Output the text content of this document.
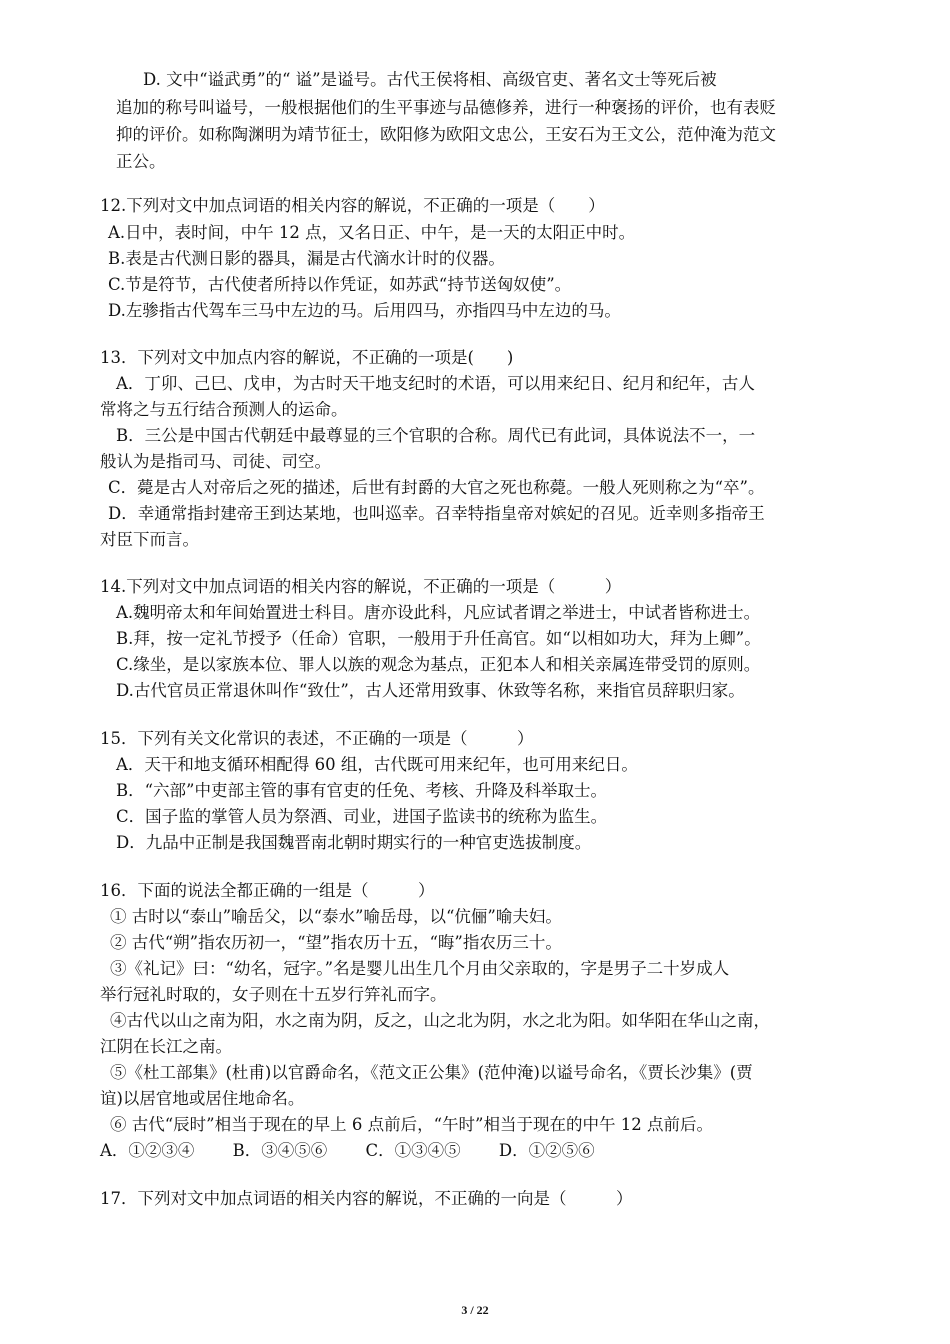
D. 文中“谥武勇”的“ 谥”是谥号。古代王侯将相、高级官吏、著名文士等死后被
追加的称号叫谥号，一般根据他们的生平事迹与品德修养，进行一种褒扬的评价，也有表贬
抑的评价。如称陶渊明为靖节征士，欧阳修为欧阳文忠公，王安石为王文公，范仲淹为范文
正公。
12.下列对文中加点词语的相关内容的解说，不正确的一项是（　　）
A.日中，表时间，中午 12 点，又名日正、中午，是一天的太阳正中时。
B.表是古代测日影的器具，漏是古代滴水计时的仪器。
C.节是符节，古代使者所持以作凭证，如苏武“持节送匈奴使”。
D.左骖指古代驾车三马中左边的马。后用四马，亦指四马中左边的马。
13．下列对文中加点内容的解说，不正确的一项是(　　)
A．丁卯、己巳、戊申，为古时天干地支纪时的术语，可以用来纪日、纪月和纪年，古人
常将之与五行结合预测人的运命。
B．三公是中国古代朝廷中最尊显的三个官职的合称。周代已有此词，具体说法不一，一
般认为是指司马、司徒、司空。
C．薨是古人对帝后之死的描述，后世有封爵的大官之死也称薨。一般人死则称之为“卒”。
D．幸通常指封建帝王到达某地，也叫巡幸。召幸特指皇帝对嫔妃的召见。近幸则多指帝王
对臣下而言。
14.下列对文中加点词语的相关内容的解说，不正确的一项是（　　　）
A.魏明帝太和年间始置进士科目。唐亦设此科，凡应试者谓之举进士，中试者皆称进士。
B.拜，按一定礼节授予（任命）官职，一般用于升任高官。如“以相如功大，拜为上卿”。
C.缘坐，是以家族本位、罪人以族的观念为基点，正犯本人和相关亲属连带受罚的原则。
D.古代官员正常退休叫作“致仕”，古人还常用致事、休致等名称，来指官员辞职归家。
15．下列有关文化常识的表述，不正确的一项是（　　　）
A．天干和地支循环相配得 60 组，古代既可用来纪年，也可用来纪日。
B．“六部”中吏部主管的事有官吏的任免、考核、升降及科举取士。
C．国子监的掌管人员为祭酒、司业，进国子监读书的统称为监生。
D．九品中正制是我国魏晋南北朝时期实行的一种官吏选拔制度。
16．下面的说法全都正确的一组是（　　　）
① 古时以“泰山”喻岳父，以“泰水”喻岳母，以“伉俪”喻夫妇。
② 古代“朔”指农历初一，“望”指农历十五，“晦”指农历三十。
③《礼记》曰：“幼名，冠字。”名是婴儿出生几个月由父亲取的，字是男子二十岁成人
举行冠礼时取的，女子则在十五岁行笄礼而字。
④古代以山之南为阳，水之南为阴，反之，山之北为阴，水之北为阳。如华阳在华山之南，
江阴在长江之南。
⑤《杜工部集》(杜甫)以官爵命名，《范文正公集》(范仲淹)以谥号命名，《贾长沙集》(贾
谊)以居官地或居住地命名。
⑥ 古代“辰时”相当于现在的早上 6 点前后，“午时”相当于现在的中午 12 点前后。
A．①②③④　　 B．③④⑤⑥　　 C．①③④⑤　　 D．①②⑤⑥
17．下列对文中加点词语的相关内容的解说，不正确的一向是（　　　）
3 / 22
